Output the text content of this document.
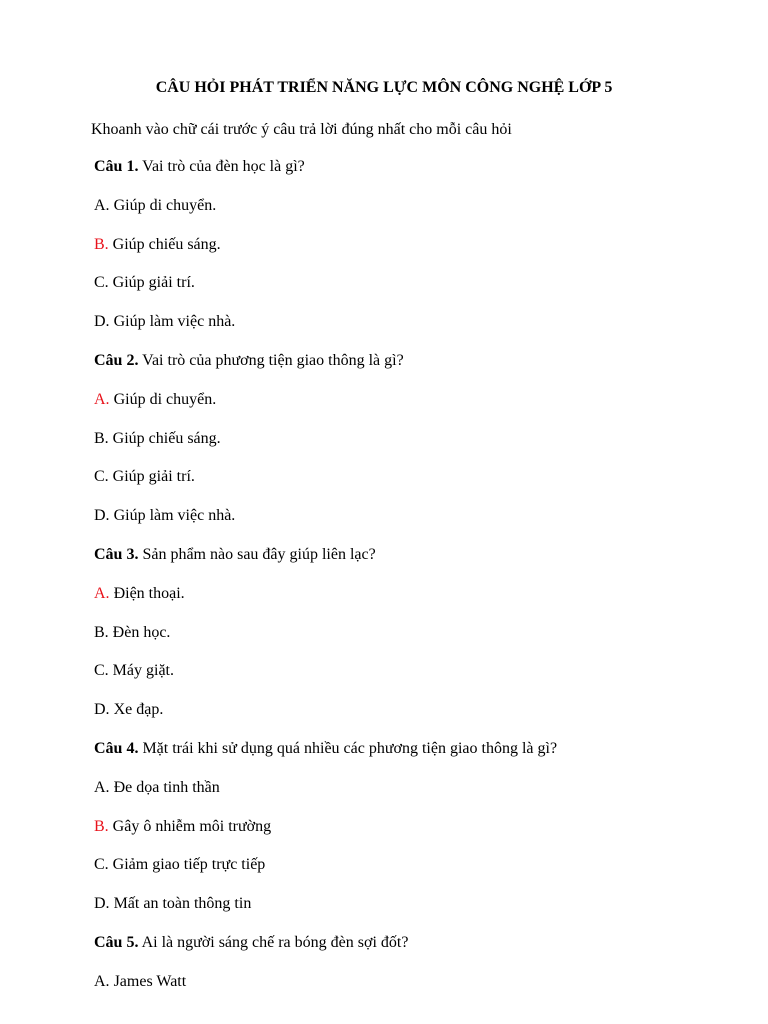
CÂU HỎI PHÁT TRIỂN NĂNG LỰC MÔN CÔNG NGHỆ LỚP 5

Khoanh vào chữ cái trước ý câu trả lời đúng nhất cho mỗi câu hỏi

Câu 1. Vai trò của đèn học là gì?
A. Giúp di chuyển.
B. Giúp chiếu sáng.
C. Giúp giải trí.
D. Giúp làm việc nhà.
Câu 2. Vai trò của phương tiện giao thông là gì?
A. Giúp di chuyển.
B. Giúp chiếu sáng.
C. Giúp giải trí.
D. Giúp làm việc nhà.
Câu 3. Sản phẩm nào sau đây giúp liên lạc?
A. Điện thoại.
B. Đèn học.
C. Máy giặt.
D. Xe đạp.
Câu 4. Mặt trái khi sử dụng quá nhiều các phương tiện giao thông là gì?
A. Đe dọa tinh thần
B. Gây ô nhiễm môi trường
C. Giảm giao tiếp trực tiếp
D. Mất an toàn thông tin
Câu 5. Ai là người sáng chế ra bóng đèn sợi đốt?
A. James Watt
